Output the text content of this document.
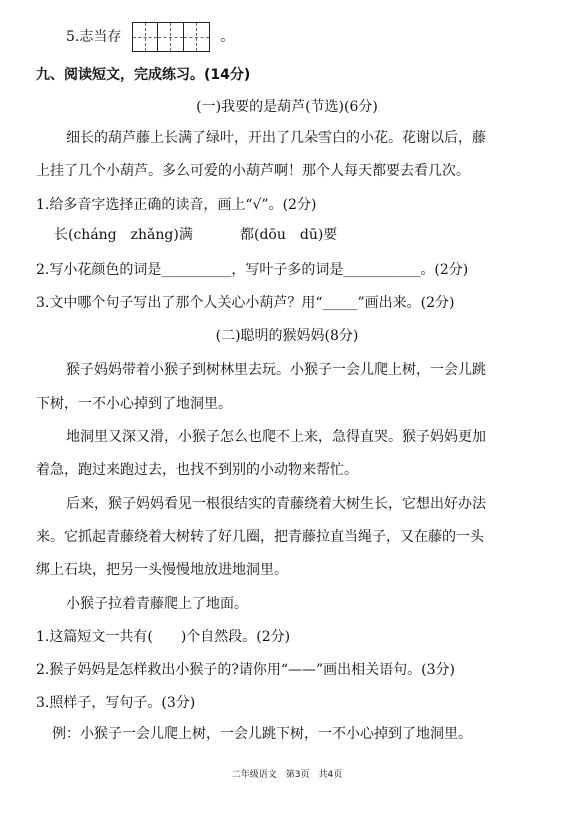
5.志当存	。
九、阅读短文，完成练习。(14分)
(一)我要的是葫芦(节选)(6分)
细长的葫芦藤上长满了绿叶，开出了几朵雪白的小花。花谢以后，藤
上挂了几个小葫芦。多么可爱的小葫芦啊！那个人每天都要去看几次。
1.给多音字选择正确的读音，画上“√”。(2分)
长(cháng　zhǎng)满	都(dōu　dū)要
2.写小花颜色的词是__________，写叶子多的词是___________。(2分)
3.文中哪个句子写出了那个人关心小葫芦？用“_____”画出来。(2分)
(二)聪明的猴妈妈(8分)
猴子妈妈带着小猴子到树林里去玩。小猴子一会儿爬上树，一会儿跳
下树，一不小心掉到了地洞里。
地洞里又深又滑，小猴子怎么也爬不上来，急得直哭。猴子妈妈更加
着急，跑过来跑过去，也找不到别的小动物来帮忙。
后来，猴子妈妈看见一根很结实的青藤绕着大树生长，它想出好办法
来。它抓起青藤绕着大树转了好几圈，把青藤拉直当绳子，又在藤的一头
绑上石块，把另一头慢慢地放进地洞里。
小猴子拉着青藤爬上了地面。
1.这篇短文一共有(　　)个自然段。(2分)
2.猴子妈妈是怎样救出小猴子的?请你用“——”画出相关语句。(3分)
3.照样子，写句子。(3分)
例：小猴子一会儿爬上树，一会儿跳下树，一不小心掉到了地洞里。
二年级语文　第3页　共4页
